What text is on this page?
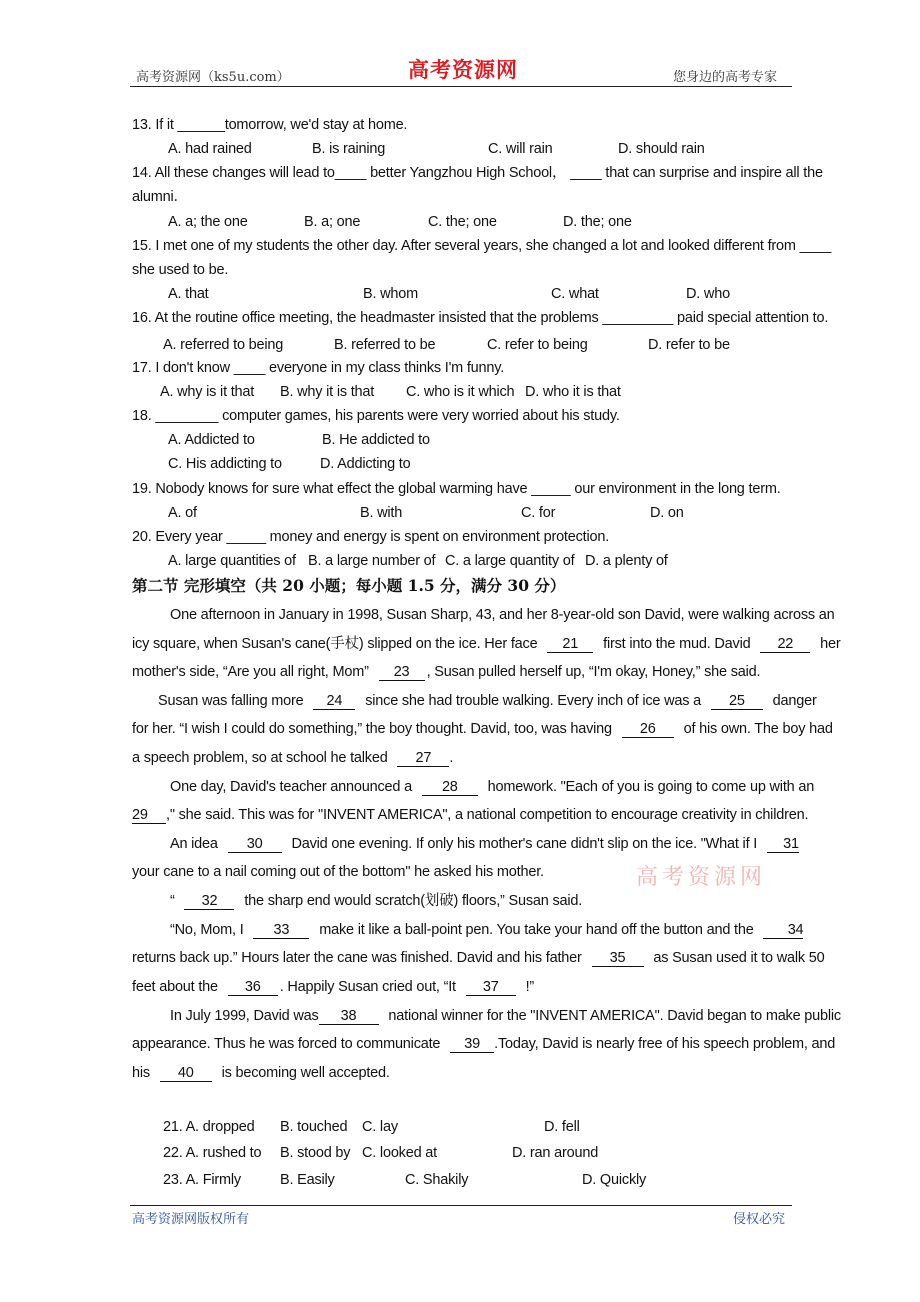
高考资源网（ks5u.com）	高考资源网	您身边的高考专家
13. If it ______tomorrow, we'd stay at home.
A. had rained	B. is raining	C. will rain	D. should rain
14. All these changes will lead to____ better Yangzhou High School， ____ that can surprise and inspire all the
alumni．
A. a; the one	B. a; one	C. the; one	D. the; one
15. I met one of my students the other day. After several years, she changed a lot and looked different from ____
she used to be.
A. that	B. whom	C. what	D. who
16. At the routine office meeting, the headmaster insisted that the problems _________ paid special attention to.
A. referred to being	B. referred to be	C. refer to being	D. refer to be
17. I don't know ____ everyone in my class thinks I'm funny.
A. why is it that B. why it is that C. who is it which D. who it is that
18. ________ computer games, his parents were very worried about his study.
A. Addicted to	B. He addicted to
C. His addicting to	D. Addicting to
19. Nobody knows for sure what effect the global warming have _____ our environment in the long term.
A. of	B. with	C. for	D. on
20. Every year _____ money and energy is spent on environment protection.
A. large quantities of B. a large number of C. a large quantity of D. a plenty of
第二节 完形填空（共 20 小题；每小题 1.5 分，满分 30 分）
One afternoon in January in 1998, Susan Sharp, 43, and her 8-year-old son David, were walking across an
icy square, when Susan's cane(手杖) slipped on the ice. Her face 21 first into the mud. David 22 her
mother's side, “Are you all right, Mom” 23 , Susan pulled herself up, “I'm okay, Honey,” she said.
Susan was falling more 24 since she had trouble walking. Every inch of ice was a 25 danger
for her. “I wish I could do something,” the boy thought. David, too, was having 26 of his own. The boy had
a speech problem, so at school he talked 27 .
One day, David's teacher announced a 28 homework. "Each of you is going to come up with an
29 ," she said. This was for "INVENT AMERICA", a national competition to encourage creativity in children.
An idea 30 David one evening. If only his mother's cane didn't slip on the ice. "What if I 31
your cane to a nail coming out of the bottom" he asked his mother.	高考资源网
“ 32 the sharp end would scratch(划破) floors,” Susan said.
“No, Mom, I 33 make it like a ball-point pen. You take your hand off the button and the 34
returns back up.” Hours later the cane was finished. David and his father 35 as Susan used it to walk 50
feet about the 36 . Happily Susan cried out, “It 37 !”
In July 1999, David was 38 national winner for the "INVENT AMERICA". David began to make public
appearance. Thus he was forced to communicate 39 .Today, David is nearly free of his speech problem, and
his 40 is becoming well accepted.
21. A. dropped B. touched C. lay	D. fell
22. A. rushed to B. stood by C. looked at	D. ran around
23. A. Firmly	B. Easily	C. Shakily	D. Quickly
高考资源网版权所有	侵权必究
